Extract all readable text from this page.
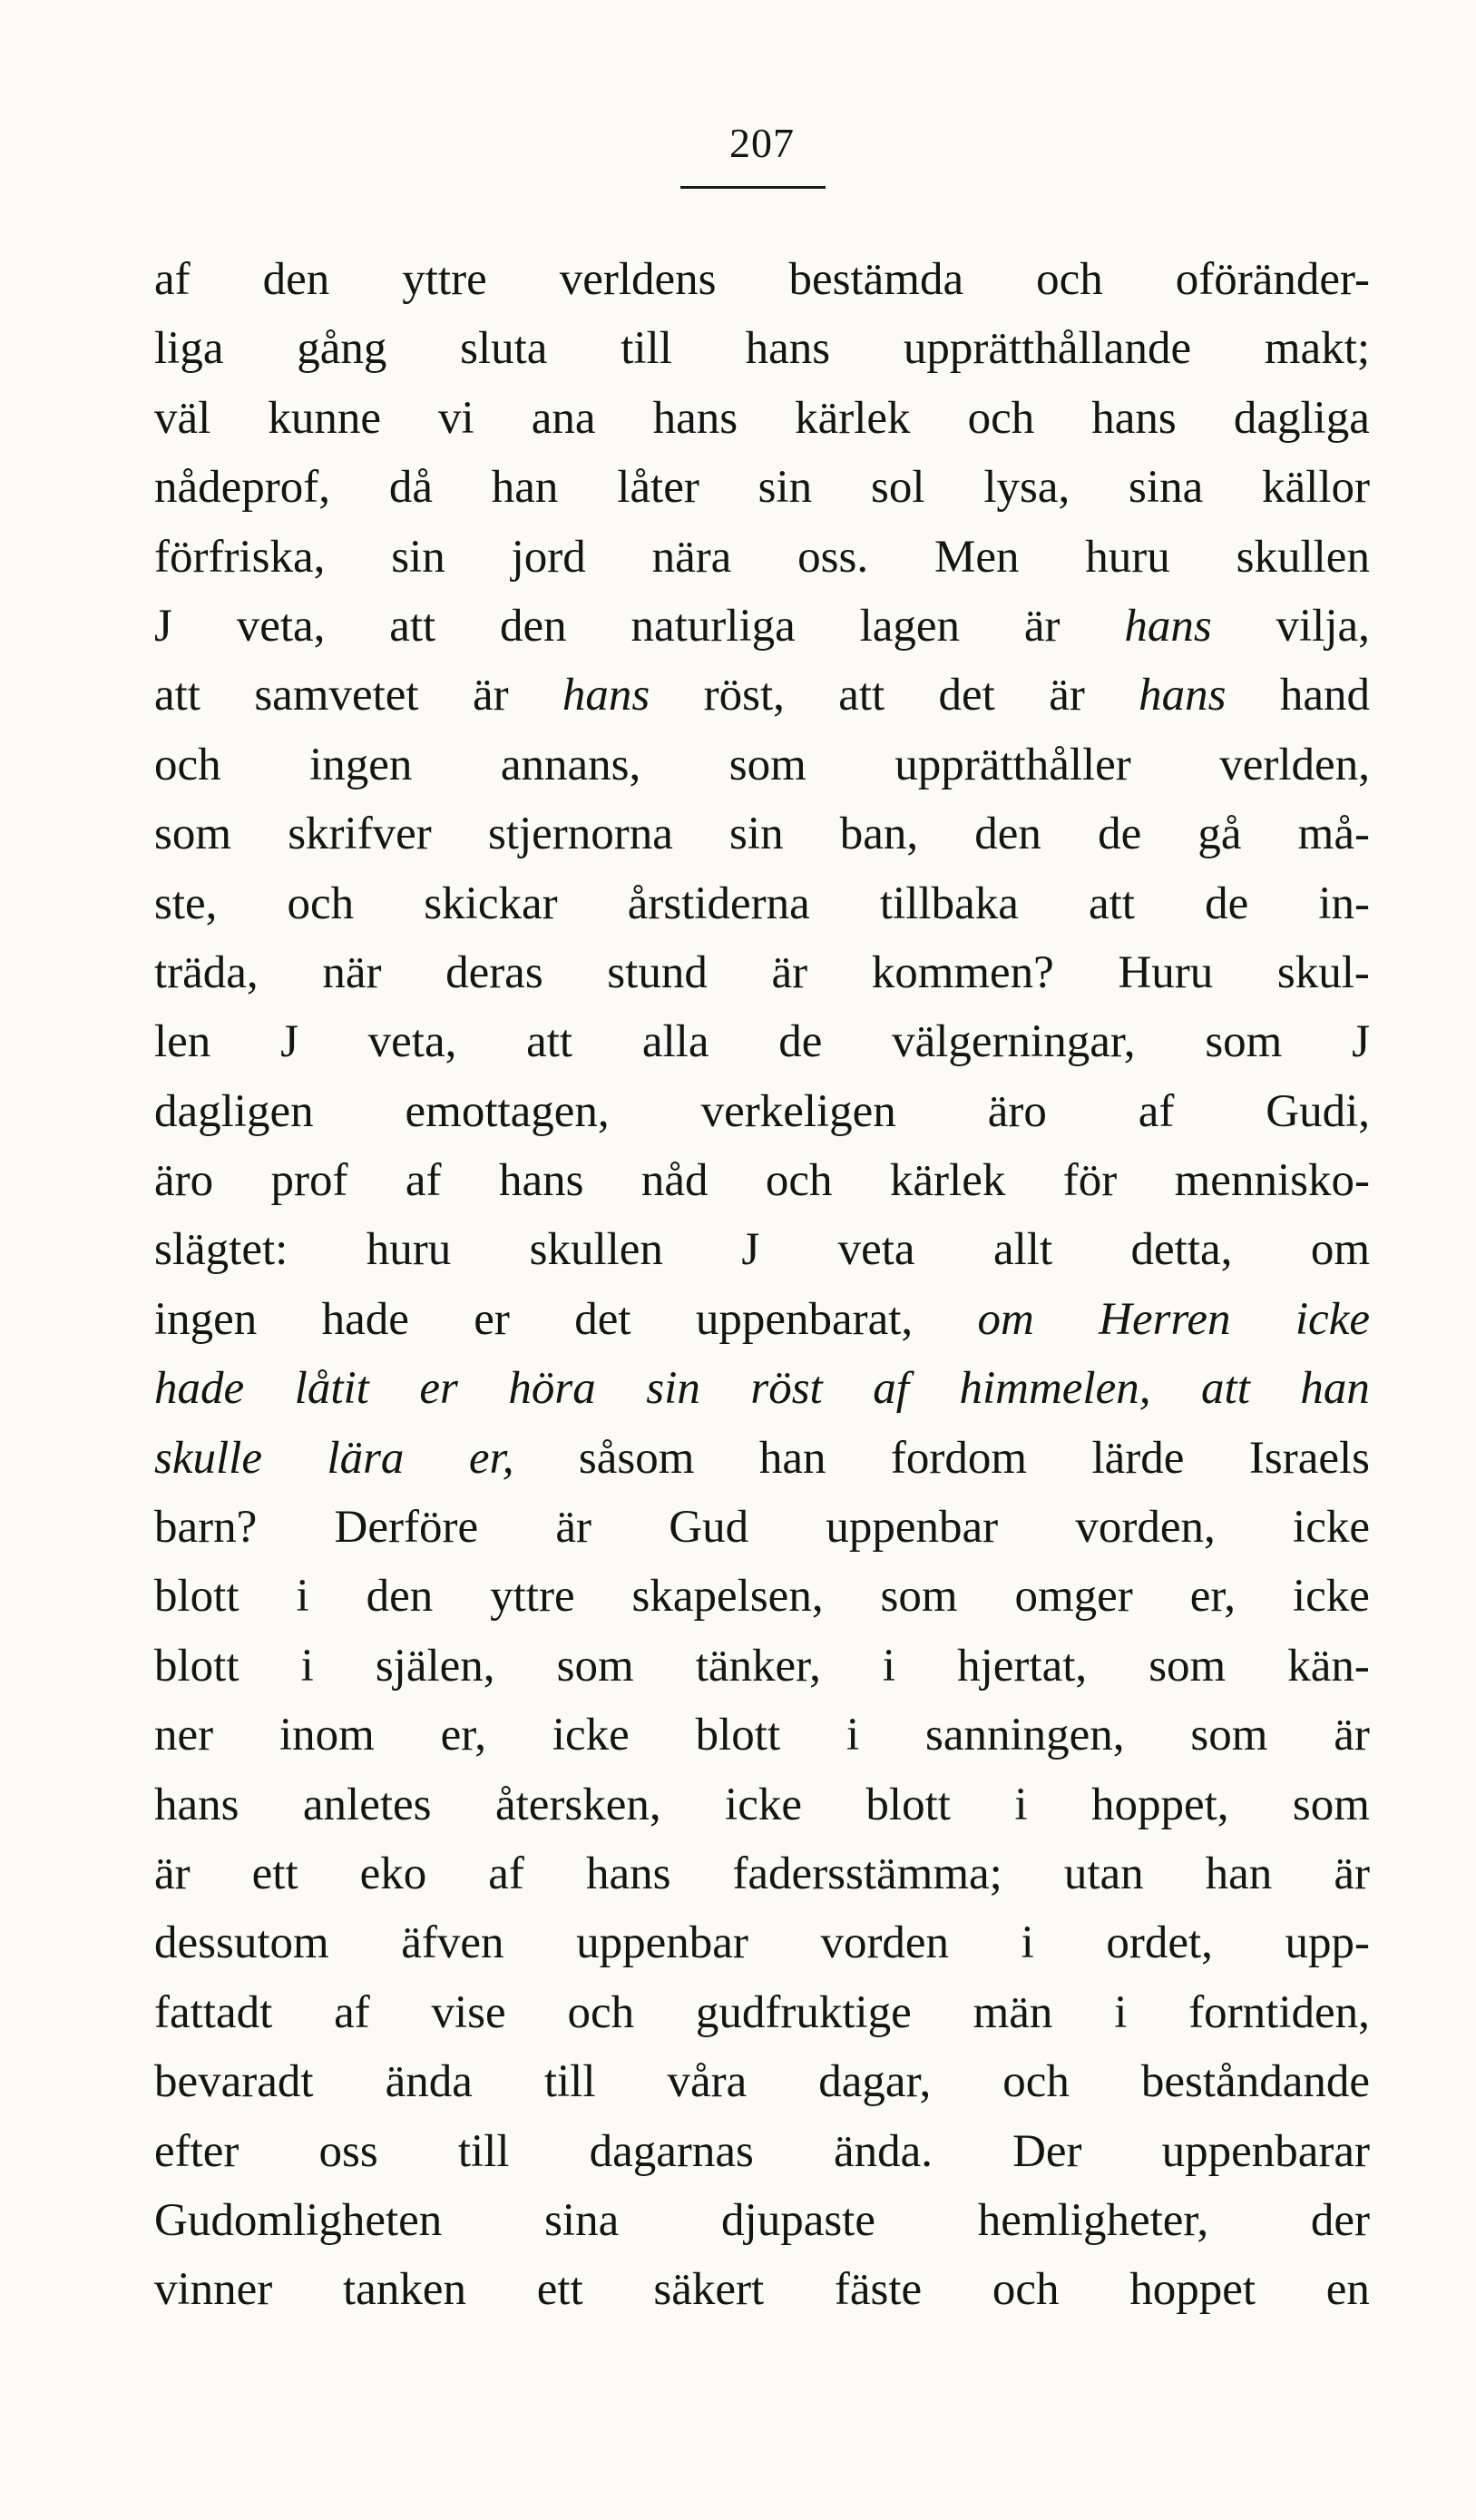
207
af den yttre verldens bestämda och oföränder-
liga gång sluta till hans upprätthållande makt;
väl kunne vi ana hans kärlek och hans dagliga
nådeprof, då han låter sin sol lysa, sina källor
förfriska, sin jord nära oss. Men huru skullen
J veta, att den naturliga lagen är hans vilja,
att samvetet är hans röst, att det är hans hand
och ingen annans, som upprätthåller verlden,
som skrifver stjernorna sin ban, den de gå må-
ste, och skickar årstiderna tillbaka att de in-
träda, när deras stund är kommen? Huru skul-
len J veta, att alla de välgerningar, som J
dagligen emottagen, verkeligen äro af Gudi,
äro prof af hans nåd och kärlek för mennisko-
slägtet: huru skullen J veta allt detta, om
ingen hade er det uppenbarat, om Herren icke
hade låtit er höra sin röst af himmelen, att han
skulle lära er, såsom han fordom lärde Israels
barn? Derföre är Gud uppenbar vorden, icke
blott i den yttre skapelsen, som omger er, icke
blott i själen, som tänker, i hjertat, som kän-
ner inom er, icke blott i sanningen, som är
hans anletes återsken, icke blott i hoppet, som
är ett eko af hans fadersstämma; utan han är
dessutom äfven uppenbar vorden i ordet, upp-
fattadt af vise och gudfruktige män i forntiden,
bevaradt ända till våra dagar, och beståndande
efter oss till dagarnas ända. Der uppenbarar
Gudomligheten sina djupaste hemligheter, der
vinner tanken ett säkert fäste och hoppet en
